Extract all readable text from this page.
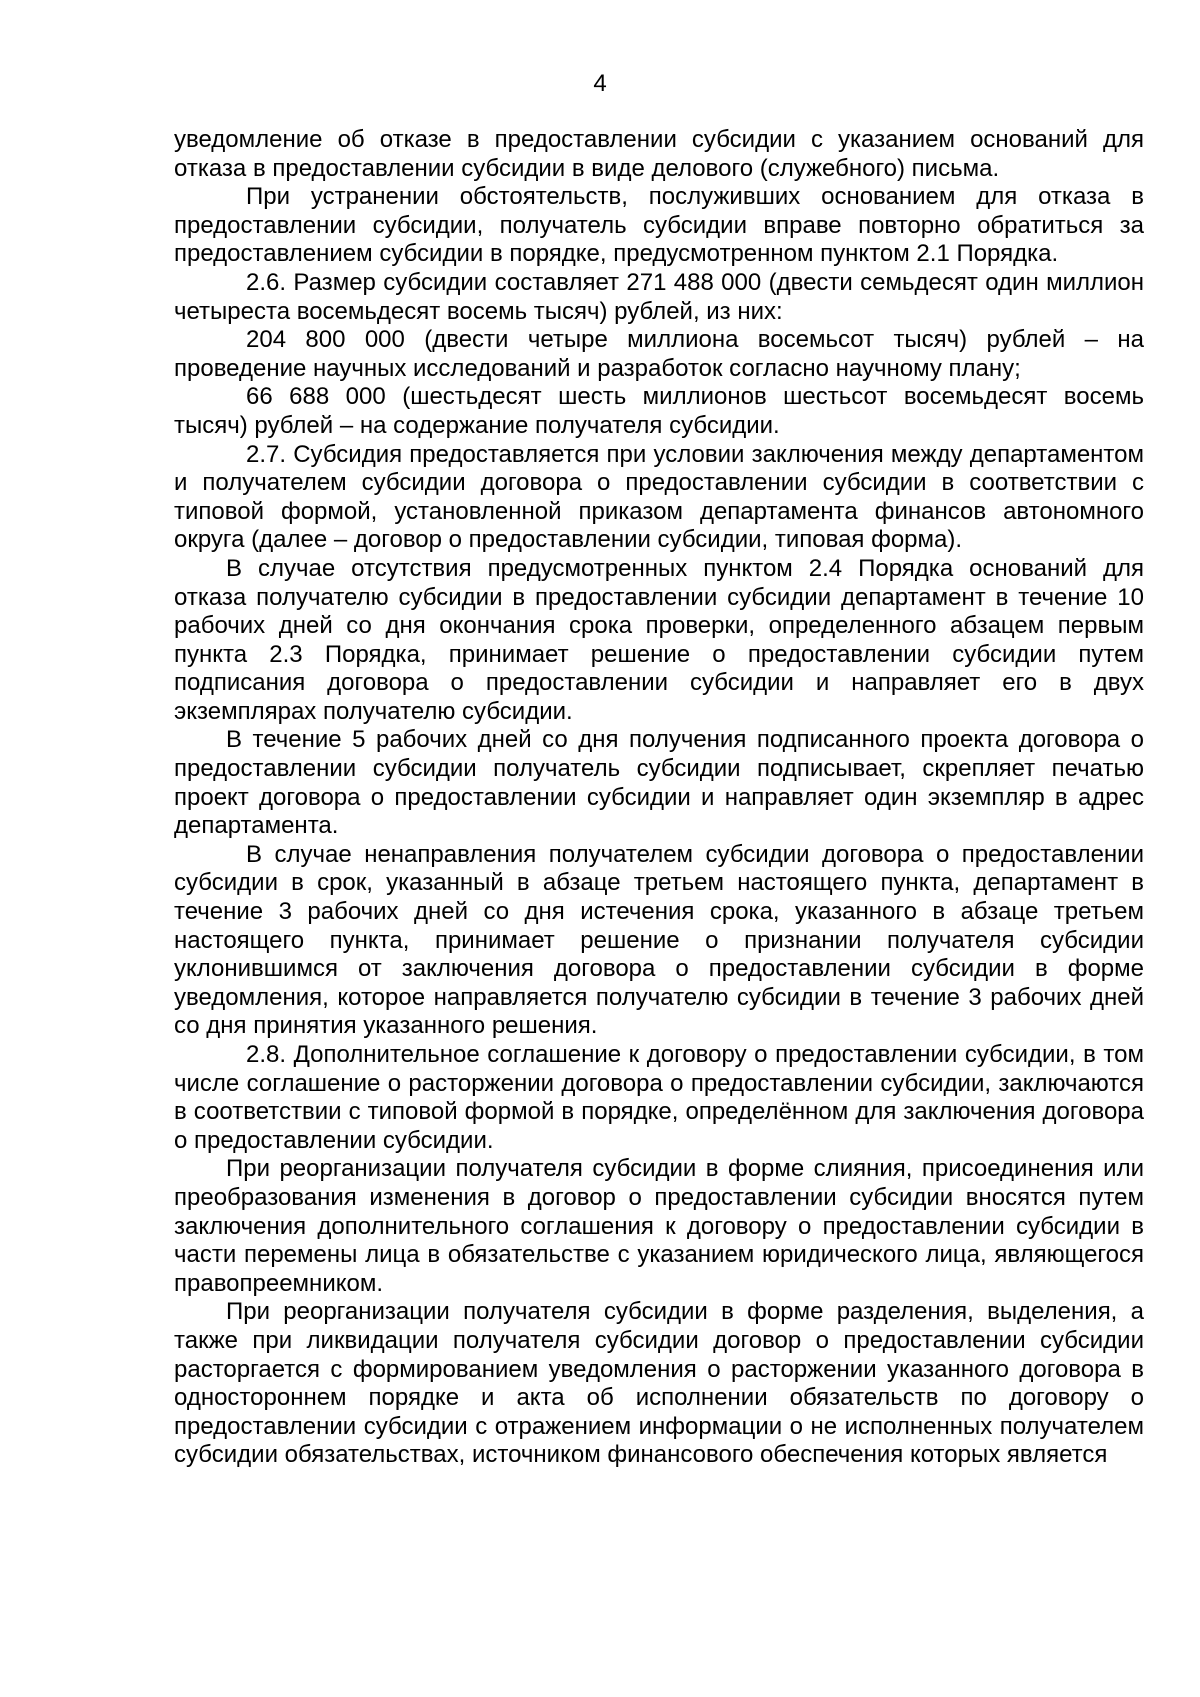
4

уведомление об отказе в предоставлении субсидии с указанием оснований для отказа в предоставлении субсидии в виде делового (служебного) письма.

При устранении обстоятельств, послуживших основанием для отказа в предоставлении субсидии, получатель субсидии вправе повторно обратиться за предоставлением субсидии в порядке, предусмотренном пунктом 2.1 Порядка.

2.6. Размер субсидии составляет 271 488 000 (двести семьдесят один миллион четыреста восемьдесят восемь тысяч) рублей, из них:

204 800 000 (двести четыре миллиона восемьсот тысяч) рублей – на проведение научных исследований и разработок согласно научному плану;

66 688 000 (шестьдесят шесть миллионов шестьсот восемьдесят восемь тысяч) рублей – на содержание получателя субсидии.

2.7. Субсидия предоставляется при условии заключения между департаментом и получателем субсидии договора о предоставлении субсидии в соответствии с типовой формой, установленной приказом департамента финансов автономного округа (далее – договор о предоставлении субсидии, типовая форма).

В случае отсутствия предусмотренных пунктом 2.4 Порядка оснований для отказа получателю субсидии в предоставлении субсидии департамент в течение 10 рабочих дней со дня окончания срока проверки, определенного абзацем первым пункта 2.3 Порядка, принимает решение о предоставлении субсидии путем подписания договора о предоставлении субсидии и направляет его в двух экземплярах получателю субсидии.

В течение 5 рабочих дней со дня получения подписанного проекта договора о предоставлении субсидии получатель субсидии подписывает, скрепляет печатью проект договора о предоставлении субсидии и направляет один экземпляр в адрес департамента.

В случае ненаправления получателем субсидии договора о предоставлении субсидии в срок, указанный в абзаце третьем настоящего пункта, департамент в течение 3 рабочих дней со дня истечения срока, указанного в абзаце третьем настоящего пункта, принимает решение о признании получателя субсидии уклонившимся от заключения договора о предоставлении субсидии в форме уведомления, которое направляется получателю субсидии в течение 3 рабочих дней со дня принятия указанного решения.

2.8. Дополнительное соглашение к договору о предоставлении субсидии, в том числе соглашение о расторжении договора о предоставлении субсидии, заключаются в соответствии с типовой формой в порядке, определённом для заключения договора о предоставлении субсидии.

При реорганизации получателя субсидии в форме слияния, присоединения или преобразования изменения в договор о предоставлении субсидии вносятся путем заключения дополнительного соглашения к договору о предоставлении субсидии в части перемены лица в обязательстве с указанием юридического лица, являющегося правопреемником.

При реорганизации получателя субсидии в форме разделения, выделения, а также при ликвидации получателя субсидии договор о предоставлении субсидии расторгается с формированием уведомления о расторжении указанного договора в одностороннем порядке и акта об исполнении обязательств по договору о предоставлении субсидии с отражением информации о не исполненных получателем субсидии обязательствах, источником финансового обеспечения которых является
